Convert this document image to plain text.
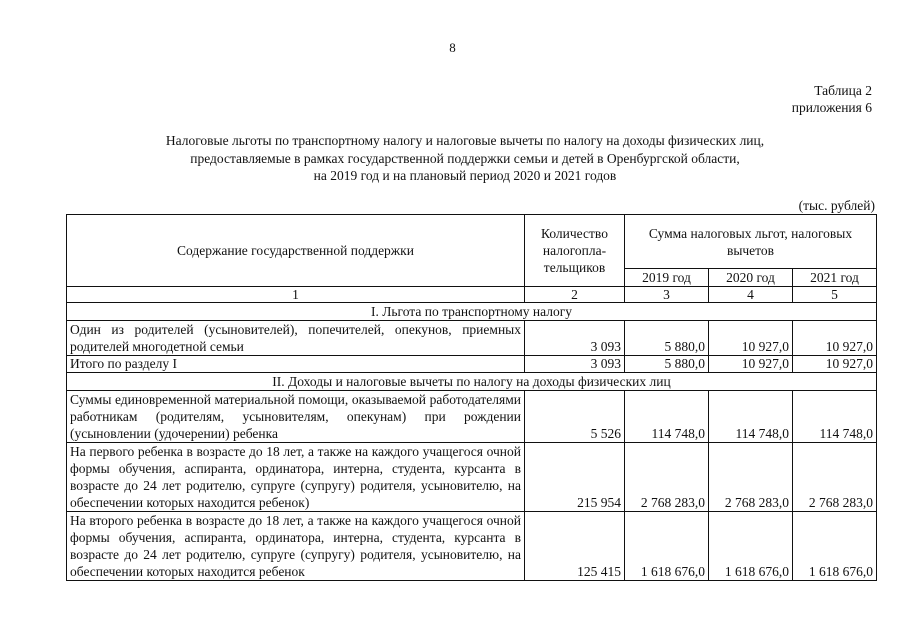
8
Таблица 2
приложения 6
Налоговые льготы по транспортному налогу и налоговые вычеты по налогу на доходы физических лиц,
предоставляемые в рамках государственной поддержки семьи и детей в Оренбургской области,
на 2019 год и на плановый период 2020 и 2021 годов
(тыс. рублей)
Содержание государственной поддержки	Количество налогопла-тельщиков	Сумма налоговых льгот, налоговых вычетов		
		2019 год	2020 год	2021 год
1	2	3	4	5
I. Льгота по транспортному налогу				
Один из родителей (усыновителей), попечителей, опекунов, приемных родителей многодетной семьи	3 093	5 880,0	10 927,0	10 927,0
Итого по разделу I	3 093	5 880,0	10 927,0	10 927,0
II. Доходы и налоговые вычеты по налогу на доходы физических лиц				
Суммы единовременной материальной помощи, оказываемой работодателями работникам (родителям, усыновителям, опекунам) при рождении (усыновлении (удочерении) ребенка	5 526	114 748,0	114 748,0	114 748,0
На первого ребенка в возрасте до 18 лет, а также на каждого учащегося очной формы обучения, аспиранта, ординатора, интерна, студента, курсанта в возрасте до 24 лет родителю, супруге (супругу) родителя, усыновителю, на обеспечении которых находится ребенок)	215 954	2 768 283,0	2 768 283,0	2 768 283,0
На второго ребенка в возрасте до 18 лет, а также на каждого учащегося очной формы обучения, аспиранта, ординатора, интерна, студента, курсанта в возрасте до 24 лет родителю, супруге (супругу) родителя, усыновителю, на обеспечении которых находится ребенок	125 415	1 618 676,0	1 618 676,0	1 618 676,0
